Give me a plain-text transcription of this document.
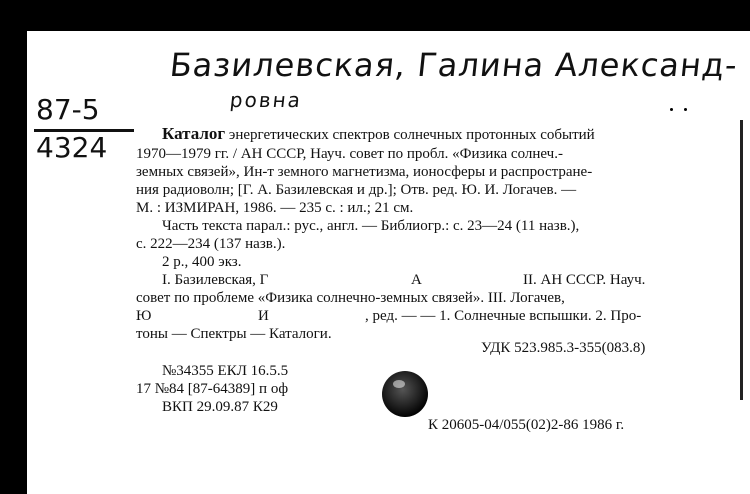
Базилевская, Галина Александ-
ровна
87-5
4324	Каталог энергетических спектров солнечных протонных событий
1970—1979 гг. / АН СССР, Науч. совет по пробл. «Физика солнеч.-
земных связей», Ин-т земного магнетизма, ионосферы и распростране-
ния радиоволн; [Г. А. Базилевская и др.]; Отв. ред. Ю. И. Логачев. —
М. : ИЗМИРАН, 1986. — 235 с. : ил.; 21 см.
Часть текста парал.: рус., англ. — Библиогр.: с. 23—24 (11 назв.),
с. 222—234 (137 назв.).
2 р., 400 экз.
I. Базилевская, Г	А	II. АН СССР. Науч.
совет по проблеме «Физика солнечно-земных связей». III. Логачев,
Ю	И	, ред. — — 1. Солнечные вспышки. 2. Про-
тоны — Спектры — Каталоги.
УДК 523.985.3-355(083.8)
№34355 ЕКЛ 16.5.5
17 №84 [87-64389] п оф
ВКП 29.09.87 К29
К 20605-04/055(02)2-86 1986 г.
